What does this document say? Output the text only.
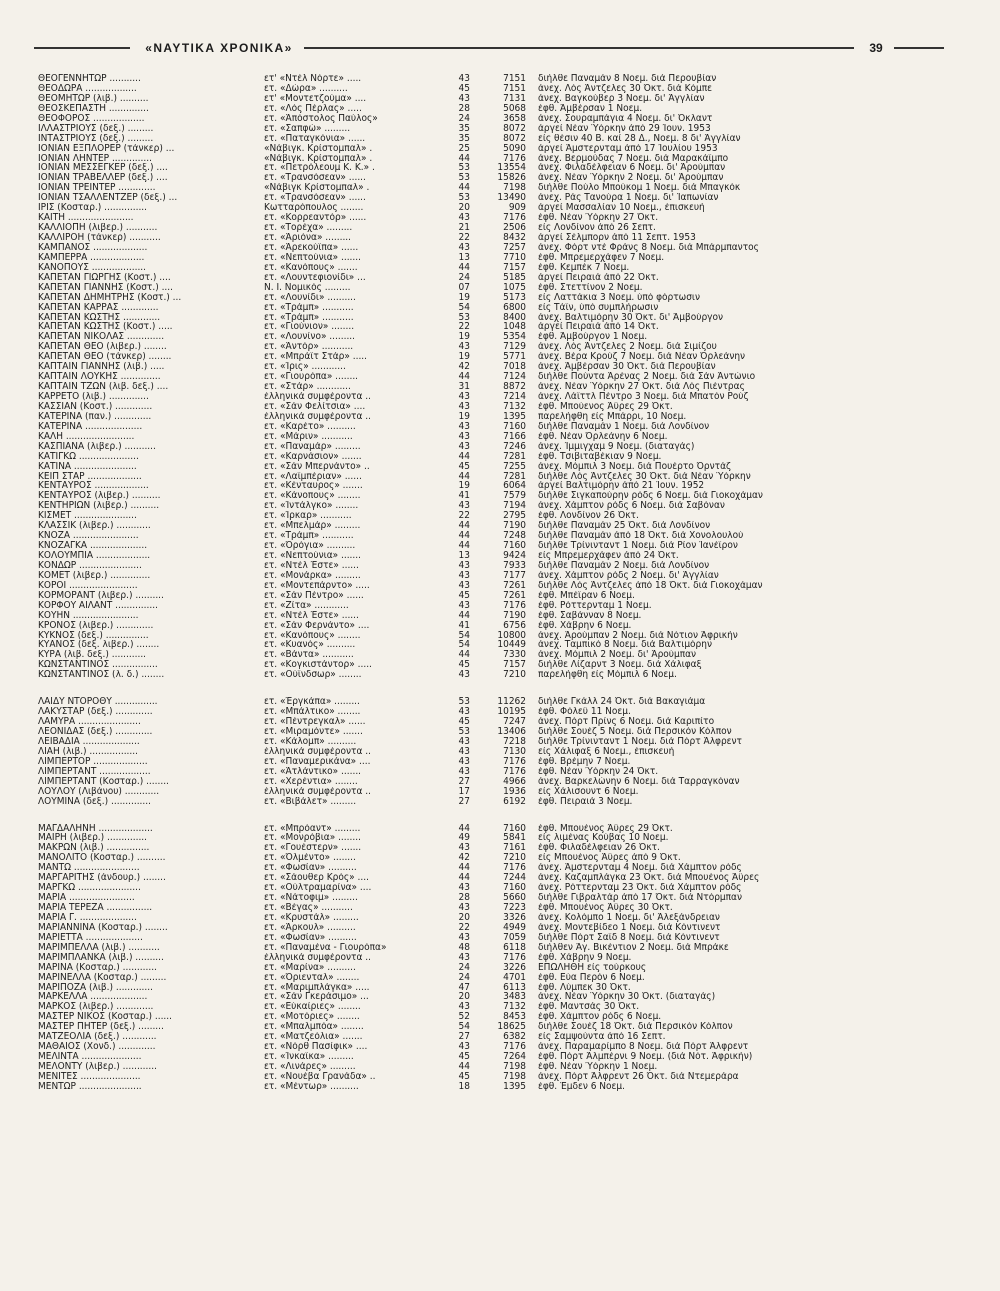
«ΝΑΥΤΙΚΑ ΧΡΟΝΙΚΑ»	39
ΘΕΟΓΕΝΝΗΤΩΡ ...........	ετ' «Ντέλ Νόρτε» .....	43	7151	διήλθε Παναμάν 8 Νοεμ. διά Περουβίαν
ΘΕΟΔΩΡΑ ..................	ετ. «Δώρα» ..........	45	7151	άνεχ. Λός Άντζελες 30 Όκτ. διά Κόμπε
ΘΕΟΜΗΤΩΡ (λιβ.) ..........	ετ' «Μοντετζούμα» ....	43	7131	άνεχ. Βαγκούβερ 3 Νοεμ. δι' Άγγλίαν
ΘΕΟΣΚΕΠΑΣΤΗ ..............	ετ. «Λός Πέρλας» .....	28	5068	έφθ. Άμβέρσαν 1 Νοεμ.
ΘΕΟΦΟΡΟΣ ..................	ετ. «Άπόστολος Παύλος»	24	3658	άνεχ. Σουραμπάγια 4 Νοεμ. δι' Όκλαντ
ΙΛΛΑΣΤΡΙΟΥΣ (δεξ.) .........	ετ. «Σαπφώ» .........	35	8072	άργεί Νέαν Ύόρκην άπό 29 Ίουν. 1953
ΙΝΤΑΣΤΡΙΟΥΣ (δεξ.) .........	ετ. «Παταγκόνια» ......	35	8072	είς θέσιν 40 Β. καί 28 Δ., Νοεμ. 8 δι' Άγγλίαν
ΙΟΝΙΑΝ ΕΞΠΛΟΡΕΡ (τάνκερ) ...	«Νάβιγκ. Κρίστομπαλ» .	25	5090	άργεί Άμστερνταμ άπό 17 Ίουλίου 1953
ΙΟΝΙΑΝ ΛΗΝΤΕΡ ..............	«Νάβιγκ. Κρίστομπαλ» .	44	7176	άνεχ. Βερμούδας 7 Νοεμ. διά Μαρακάϊμπο
ΙΟΝΙΑΝ ΜΕΣΣΕΓΚΕΡ (δεξ.) ....	ετ. «Πετρόλεουμ Κ. Κ.» .	53	13554	άνεχ. Φιλαδέλφειαν 6 Νοεμ. δι' Άρούμπαν
ΙΟΝΙΑΝ ΤΡΑΒΕΛΛΕΡ (δεξ.) ....	ετ. «Τρανσόσεαν» ......	53	15826	άνεχ. Νέαν Ύόρκην 2 Νοεμ. δι' Άρούμπαν
ΙΟΝΙΑΝ ΤΡΕΙΝΤΕΡ .............	«Νάβιγκ Κρίστομπαλ» .	44	7198	διήλθε Πούλο Μπούκομ 1 Νοεμ. διά Μπαγκόκ
ΙΟΝΙΑΝ ΤΣΑΛΛΕΝΤΖΕΡ (δεξ.) ...	ετ. «Τρανσόσεαν» ......	53	13490	άνεχ. Ράς Τανούρα 1 Νοεμ. δι' Ίαπωνίαν
ΙΡΙΣ (Κοσταρ.) ...............	Κωτταρόπουλος ........	20	909	άργεί Μασσαλίαν 10 Νοεμ., έπισκευή
ΚΑΙΤΗ .......................	ετ. «Κορρεαντόρ» ......	43	7176	έφθ. Νέαν Ύόρκην 27 Όκτ.
ΚΑΛΛΙΟΠΗ (λιβερ.) ...........	ετ. «Τορέχα» .........	21	2506	είς Λονδίνον άπό 26 Σεπτ.
ΚΑΛΛΙΡΟΗ (τάνκερ) ...........	ετ. «Άριόνα» .........	22	8432	άργεί Σέλμπορν άπό 11 Σεπτ. 1953
ΚΑΜΠΑΝΟΣ ...................	ετ. «Άρεκούϊπα» ......	43	7257	άνεχ. Φόρτ ντέ Φράνς 8 Νοεμ. διά Μπάρμπαντος
ΚΑΜΠΕΡΡΑ ...................	ετ. «Νεπτούνια» .......	13	7710	έφθ. Μπρεμερχάφεν 7 Νοεμ.
ΚΑΝΟΠΟΥΣ ...................	ετ. «Κανόπους» .......	44	7157	έφθ. Κεμπέκ 7 Νοεμ.
ΚΑΠΕΤΑΝ ΓΙΩΡΓΗΣ (Κοστ.) ....	ετ. «Λουντεφιονίδι» ...	24	5185	άργεί Πειραιά άπό 22 Όκτ.
ΚΑΠΕΤΑΝ ΓΙΑΝΝΗΣ (Κοστ.) ....	Ν. Ι. Νομικός .........	07	1075	έφθ. Στεττίνον 2 Νοεμ.
ΚΑΠΕΤΑΝ ΔΗΜΗΤΡΗΣ (Κοστ.) ...	ετ. «Λουνίδι» ..........	19	5173	είς Λαττάκια 3 Νοεμ. ύπό φόρτωσιν
ΚΑΠΕΤΑΝ ΚΑΡΡΑΣ .............	ετ. «Τράμπ» ...........	54	6800	είς Τάϊν, ύπό συμπλήρωσιν
ΚΑΠΕΤΑΝ ΚΩΣΤΗΣ .............	ετ. «Τράμπ» ...........	53	8400	άνεχ. Βαλτιμόρην 30 Όκτ. δι' Άμβούργον
ΚΑΠΕΤΑΝ ΚΩΣΤΗΣ (Κοστ.) .....	ετ. «Γιούνιον» ........	22	1048	άργεί Πειραιά άπό 14 Όκτ.
ΚΑΠΕΤΑΝ ΝΙΚΟΛΑΣ .............	ετ. «Λουνίνο» .........	19	5354	έφθ. Άμβούργον 1 Νοεμ.
ΚΑΠΕΤΑΝ ΘΕΟ (λιβερ.) ........	ετ. «Άντόρ» ...........	43	7129	άνεχ. Λός Άντζελες 2 Νοεμ. διά Σιμίζου
ΚΑΠΕΤΑΝ ΘΕΟ (τάνκερ) ........	ετ. «Μπράϊτ Στάρ» .....	19	5771	άνεχ. Βέρα Κρούζ 7 Νοεμ. διά Νέαν Όρλεάνην
ΚΑΠΤΑΙΝ ΓΙΑΝΝΗΣ (λιβ.) .....	ετ. «Ίρις» ............	42	7018	άνεχ. Άμβέρσαν 30 Όκτ. διά Περουβίαν
ΚΑΠΤΑΙΝ ΛΟΥΚΗΣ ..............	ετ. «Γιουρόπα» ........	44	7124	διήλθε Πούντα Άρένας 2 Νοεμ. διά Σάν Άντώνιο
ΚΑΠΤΑΙΝ ΤΖΩΝ (λιβ. δεξ.) ....	ετ. «Στάρ» ............	31	8872	άνεχ. Νέαν Ύόρκην 27 Όκτ. διά Λός Πιέντρας
ΚΑΡΡΕΤΟ (λιβ.) ..............	έλληνικά συμφέροντα ..	43	7214	άνεχ. Λάϊττλ Πέντρο 3 Νοεμ. διά Μπατόν Ρούζ
ΚΑΣΣΙΑΝ (Κοστ.) .............	ετ. «Σάν Φελίτσια» ....	43	7132	έφθ. Μπούενος Άϋρες 29 Όκτ.
ΚΑΤΕΡΙΝΑ (παν.) .............	έλληνικά συμφέροντα ..	19	1395	παρελήφθη είς Μπάρρι, 10 Νοεμ.
ΚΑΤΕΡΙΝΑ ....................	ετ. «Καρέτο» ..........	43	7160	διήλθε Παναμάν 1 Νοεμ. διά Λονδίνον
ΚΑΛΗ ........................	ετ. «Μάριν» ...........	43	7166	έφθ. Νέαν Όρλεάνην 6 Νοεμ.
ΚΑΣΠΙΑΝΑ (λιβερ.) ...........	ετ. «Παναμάρ» .........	43	7246	άνεχ. Ίμμιγχαμ 9 Νοεμ. (διαταγάς)
ΚΑΤΙΓΚΩ .....................	ετ. «Καρνάσιον» .......	44	7281	έφθ. Τσιβιταβέκιαν 9 Νοεμ.
ΚΑΤΙΝΑ ......................	ετ. «Σάν Μπερνάντο» ..	45	7255	άνεχ. Μόμπιλ 3 Νοεμ. διά Πουέρτο Όρντάζ
ΚΕΙΠ ΣΤΑΡ ...................	ετ. «Λαϊμπέριαν» ......	44	7281	διήλθε Λός Άντζελες 30 Όκτ. διά Νέαν Ύόρκην
ΚΕΝΤΑΥΡΟΣ ...................	ετ. «Κένταυρος» .......	19	6064	άργεί Βαλτιμόρην άπό 21 Ίουν. 1952
ΚΕΝΤΑΥΡΟΣ (λιβερ.) ..........	ετ. «Κάνοπους» ........	41	7579	διήλθε Σιγκαπούρην ρόδς 6 Νοεμ. διά Γιοκοχάμαν
ΚΕΝΤΗΡΙΩΝ (λιβερ.) ..........	ετ. «Ίντάλγκο» ........	43	7194	άνεχ. Χάμπτον ρόδς 6 Νοεμ. διά Σαβόναν
ΚΙΣΜΕΤ ......................	ετ. «Ίρκαρ» ...........	22	2795	έφθ. Λονδίνον 26 Όκτ.
ΚΛΑΣΣΙΚ (λιβερ.) ............	ετ. «Μπελμάρ» .........	44	7190	διήλθε Παναμάν 25 Όκτ. διά Λονδίνον
ΚΝΟΖΑ .......................	ετ. «Τράμπ» ...........	44	7248	διήλθε Παναμάν άπό 18 Όκτ. διά Χονολουλού
ΚΝΟΖΑΓΚΑ ....................	ετ. «Όρόγια» ..........	44	7160	διήλθε Τρίνινταντ 1 Νοεμ. διά Ρίον Ίανέϊρον
ΚΟΛΟΥΜΠΙΑ ...................	ετ. «Νεπτούνια» .......	13	9424	είς Μπρεμερχάφεν άπό 24 Όκτ.
ΚΟΝΔΩΡ ......................	ετ. «Ντέλ Έστε» ......	43	7933	διήλθε Παναμάν 2 Νοεμ. διά Λονδίνον
ΚΟΜΕΤ (λιβερ.) ..............	ετ. «Μονάρκα» .........	43	7177	άνεχ. Χάμπτον ρόδς 2 Νοεμ. δι' Άγγλίαν
ΚΟΡΟΙ ........................	ετ. «Μοντεπάρντο» .....	43	7261	διήλθε Λός Άντζελες άπό 18 Όκτ. διά Γιοκοχάμαν
ΚΟΡΜΟΡΑΝΤ (λιβερ.) ..........	ετ. «Σάν Πέντρο» ......	45	7261	έφθ. Μπέϊραν 6 Νοεμ.
ΚΟΡΦΟΥ ΑΙΛΑΝΤ ...............	ετ. «Ζίτα» ............	43	7176	έφθ. Ρόττερνταμ 1 Νοεμ.
ΚΟΥΗΝ .......................	ετ. «Ντέλ Έστε» ......	44	7190	έφθ. Σαβάνναν 8 Νοεμ.
ΚΡΟΝΟΣ (λιβερ.) .............	ετ. «Σάν Φερνάντο» ....	41	6756	έφθ. Χάβρην 6 Νοεμ.
ΚΥΚΝΟΣ (δεξ.) ...............	ετ. «Κανόπους» ........	54	10800	άνεχ. Άρούμπαν 2 Νοεμ. διά Νότιον Άφρικήν
ΚΥΑΝΟΣ (δεξ. λιβερ.) ........	ετ. «Κυανός» ..........	54	10449	άνεχ. Ταμπικό 8 Νοεμ. διά Βαλτιμόρην
ΚΥΡΑ (λιβ. δεξ.) ............	ετ. «Βάντα» ...........	44	7330	άνεχ. Μόμπιλ 2 Νοεμ. δι' Άρούμπαν
ΚΩΝΣΤΑΝΤΙΝΟΣ ................	ετ. «Κογκιστάντορ» .....	45	7157	διήλθε Λίζαρντ 3 Νοεμ. διά Χάλιφαξ
ΚΩΝΣΤΑΝΤΙΝΟΣ (λ. δ.) ........	ετ. «Ούϊνδσωρ» ........	43	7210	παρελήφθη είς Μόμπιλ 6 Νοεμ.
ΛΑΙΔΥ ΝΤΟΡΟΘΥ ...............	ετ. «Έργκάπα» .........	53	11262	διήλθε Γκάλλ 24 Όκτ. διά Βακαγιάμα
ΛΑΚΥΣΤΑΡ (δεξ.) .............	ετ. «Μπάλτικο» ........	43	10195	έφθ. Φόλεϋ 11 Νοεμ.
ΛΑΜΥΡΑ ......................	ετ. «Πέντρεγκαλ» ......	45	7247	άνεχ. Πόρτ Πρίνς 6 Νοεμ. διά Καριπίτο
ΛΕΟΝΙΔΑΣ (δεξ.) .............	ετ. «Μιραμόντε» .......	53	13406	διήλθε Σουέζ 5 Νοεμ. διά Περσικόν Κόλπον
ΛΕΙΒΑΔΙΑ ....................	ετ. «Κάλομπ» ..........	43	7218	διήλθε Τρίνινταντ 1 Νοεμ. διά Πόρτ Άλφρεντ
ΛΙΑΗ (λιβ.) .................	έλληνικά συμφέροντα ..	43	7130	είς Χάλιφαξ 6 Νοεμ., έπισκευή
ΛΙΜΠΕΡΤΟΡ ...................	ετ. «Παναμερικάνα» ....	43	7176	έφθ. Βρέμην 7 Νοεμ.
ΛΙΜΠΕΡΤΑΝΤ ..................	ετ. «Άτλάντικο» .......	43	7176	έφθ. Νέαν Ύόρκην 24 Όκτ.
ΛΙΜΠΕΡΤΑΝΤ (Κοσταρ.) ........	ετ. «Χερέντια» ........	27	4966	άνεχ. Βαρκελώνην 6 Νοεμ. διά Ταρραγκόναν
ΛΟΥΛΟΥ (Λιβάνου) ............	έλληνικά συμφέροντα ..	17	1936	είς Χάλισουντ 6 Νοεμ.
ΛΟΥΜΙΝΑ (δεξ.) ..............	ετ. «Βιβάλετ» .........	27	6192	έφθ. Πειραιά 3 Νοεμ.
ΜΑΓΔΑΛΗΝΗ ...................	ετ. «Μπρόαντ» .........	44	7160	έφθ. Μπουένος Άϋρες 29 Όκτ.
ΜΑΙΡΗ (λιβερ.) ..............	ετ. «Μονρόβια» ........	49	5841	είς λιμένας Κούβας 10 Νοεμ.
ΜΑΚΡΩΝ (λιβ.) ...............	ετ. «Γουέστερν» .......	43	7161	έφθ. Φιλαδέλφειαν 26 Όκτ.
ΜΑΝΟΛΙΤΟ (Κοσταρ.) ..........	ετ. «Όλμέντο» ........	42	7210	είς Μπουένος Άϋρες άπό 9 Όκτ.
ΜΑΝΤΩ .......................	ετ. «Φωσίαν» ..........	44	7176	άνεχ. Άμστερνταμ 4 Νοεμ. διά Χάμπτον ρόδς
ΜΑΡΓΑΡΙΤΗΣ (άνδουρ.) ........	ετ. «Σάουθερ Κρός» ....	44	7244	άνεχ. Καζαμπλάγκα 23 Όκτ. διά Μπουένος Άϋρες
ΜΑΡΓΚΩ ......................	ετ. «Ούλτραμαρίνα» ....	43	7160	άνεχ. Ρόττερνταμ 23 Όκτ. διά Χάμπτον ρόδς
ΜΑΡΙΑ .......................	ετ. «Νάτοφιμ» .........	28	5660	διήλθε Γιβραλτάρ άπό 17 Όκτ. διά Ντόρμπαν
ΜΑΡΙΑ ΤΕΡΕΖΑ ................	ετ. «Βέγας» ...........	43	7223	έφθ. Μπουένος Άϋρες 30 Όκτ.
ΜΑΡΙΑ Γ. ....................	ετ. «Κρυστάλ» .........	20	3326	άνεχ. Κολόμπο 1 Νοεμ. δι' Άλεξάνδρειαν
ΜΑΡΙΑΝΝΙΝΑ (Κοσταρ.) ........	ετ. «Άρκουλ» ..........	22	4949	άνεχ. Μοντεβίδεο 1 Νοεμ. διά Κόντινεντ
ΜΑΡΙΕΤΤΑ ....................	ετ. «Φωσίαν» ..........	43	7059	διήλθε Πόρτ Σαΐδ 8 Νοεμ. διά Κόντινεντ
ΜΑΡΙΜΠΕΛΛΑ (λιβ.) ...........	ετ. «Παναμένα - Γιουρόπα»	48	6118	διήλθεν Άγ. Βικέντιον 2 Νοεμ. διά Μπράκε
ΜΑΡΙΜΠΛΑΝΚΑ (λιβ.) ..........	έλληνικά συμφέροντα ..	43	7176	έφθ. Χάβρην 9 Νοεμ.
ΜΑΡΙΝΑ (Κοσταρ.) ............	ετ. «Μαρίνα» ..........	24	3226	ΕΠΩΛΗΘΗ είς τούρκους
ΜΑΡΙΝΕΛΛΑ (Κοσταρ.) .........	ετ. «Όριενταλ» ........	24	4701	έφθ. Εύα Περόν 6 Νοεμ.
ΜΑΡΙΠΟΖΑ (λιβ.) .............	ετ. «Μαριμπλάγκα» .....	47	6113	έφθ. Λύμπεκ 30 Όκτ.
ΜΑΡΚΕΛΛΑ ....................	ετ. «Σάν Γκεράσιμο» ...	20	3483	άνεχ. Νέαν Ύόρκην 30 Όκτ. (διαταγάς)
ΜΑΡΚΟΣ (λιβερ.) .............	ετ. «Εύκαίριες» ........	43	7132	έφθ. Μαντσάς 30 Όκτ.
ΜΑΣΤΕΡ ΝΙΚΟΣ (Κοσταρ.) ......	ετ. «Μοτόριες» ........	52	8453	έφθ. Χάμπτον ρόδς 6 Νοεμ.
ΜΑΣΤΕΡ ΠΗΤΕΡ (δεξ.) .........	ετ. «Μπαλμπόα» ........	54	18625	διήλθε Σουέζ 18 Όκτ. διά Περσικόν Κόλπον
ΜΑΤΖΕΟΛΙΑ (δεξ.) ............	ετ. «Ματζεόλια» .......	27	6382	είς Σαμψούντα άπό 16 Σεπτ.
ΜΑΘΑΙΟΣ (Χονδ.) .............	ετ. «Νόρθ Πασίφικ» ....	43	7176	άνεχ. Παραμαρίμπο 8 Νοεμ. διά Πόρτ Άλφρεντ
ΜΕΛΙΝΤΑ .....................	ετ. «Ίνκαϊκα» .........	45	7264	έφθ. Πόρτ Άλμπέρνι 9 Νοεμ. (διά Νότ. Άφρικήν)
ΜΕΛΟΝΤΥ (λιβερ.) ............	ετ. «Λινάρες» .........	44	7198	έφθ. Νέαν Ύόρκην 1 Νοεμ.
ΜΕΝΙΤΕΣ .....................	ετ. «Νουέβα Γρανάδα» ..	45	7198	άνεχ. Πόρτ Άλφρεντ 26 Όκτ. διά Ντεμεράρα
ΜΕΝΤΩΡ ......................	ετ. «Μέντωρ» ..........	18	1395	έφθ. Έμδεν 6 Νοεμ.
